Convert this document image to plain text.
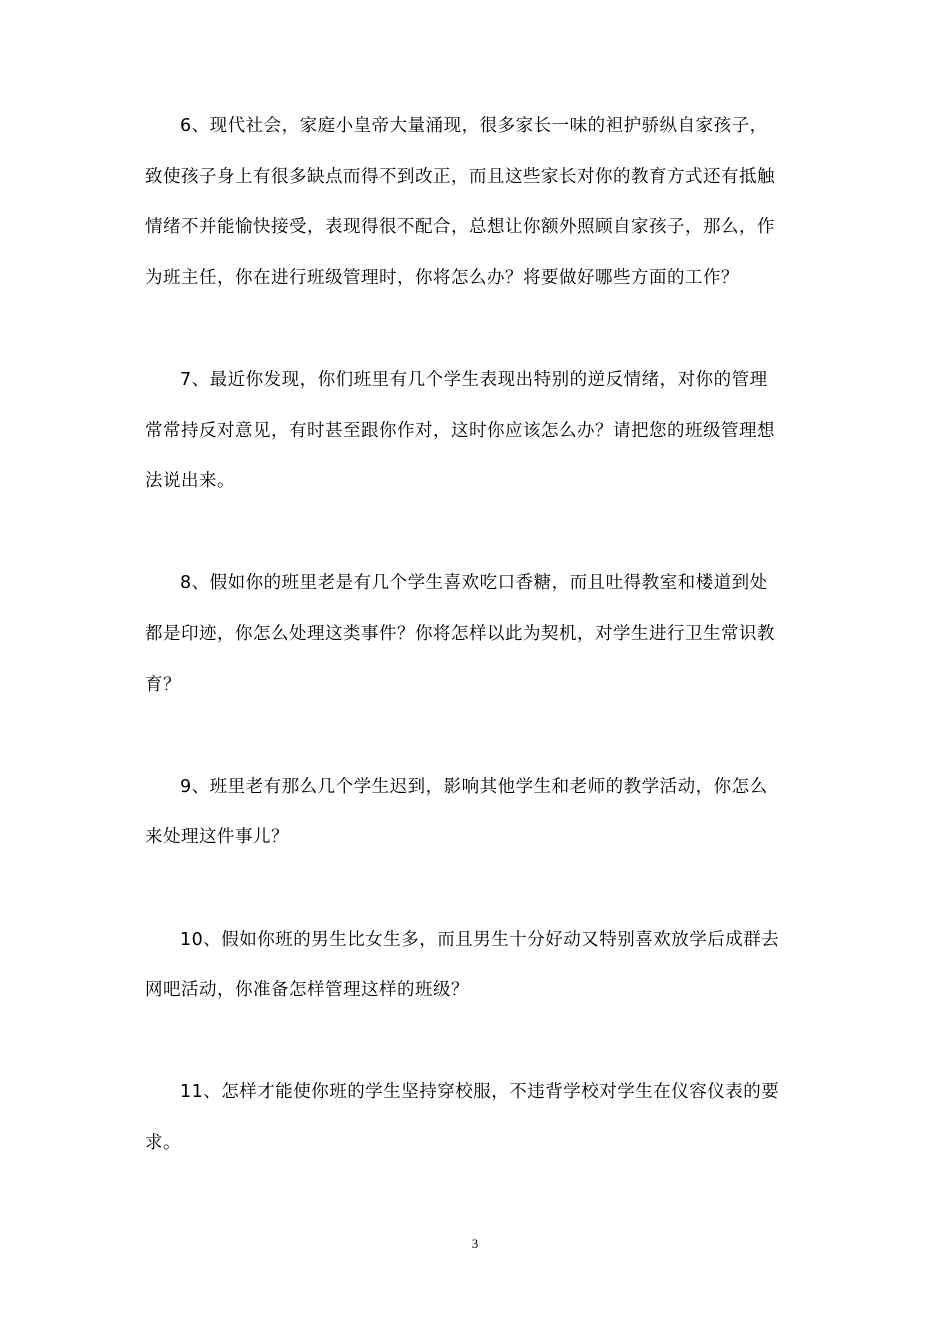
6、现代社会，家庭小皇帝大量涌现，很多家长一味的袒护骄纵自家孩子，
致使孩子身上有很多缺点而得不到改正，而且这些家长对你的教育方式还有抵触
情绪不并能愉快接受，表现得很不配合，总想让你额外照顾自家孩子，那么，作
为班主任，你在进行班级管理时，你将怎么办？将要做好哪些方面的工作？
7、最近你发现，你们班里有几个学生表现出特别的逆反情绪，对你的管理
常常持反对意见，有时甚至跟你作对，这时你应该怎么办？请把您的班级管理想
法说出来。
8、假如你的班里老是有几个学生喜欢吃口香糖，而且吐得教室和楼道到处
都是印迹，你怎么处理这类事件？你将怎样以此为契机，对学生进行卫生常识教
育？
9、班里老有那么几个学生迟到，影响其他学生和老师的教学活动，你怎么
来处理这件事儿？
10、假如你班的男生比女生多，而且男生十分好动又特别喜欢放学后成群去
网吧活动，你准备怎样管理这样的班级？
11、怎样才能使你班的学生坚持穿校服，不违背学校对学生在仪容仪表的要
求。
3
